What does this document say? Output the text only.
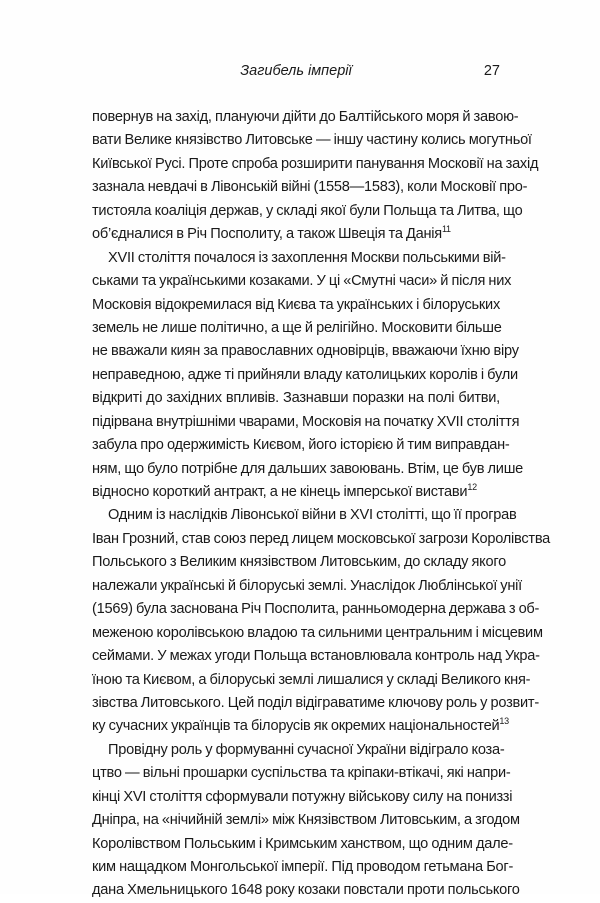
Загибель імперії	27
повернув на захід, плануючи дійти до Балтійського моря й завою-
вати Велике князівство Литовське — іншу частину колись могутньої
Київської Русі. Проте спроба розширити панування Московії на захід
зазнала невдачі в Лівонській війні (1558—1583), коли Московії про-
тистояла коаліція держав, у складі якої були Польща та Литва, що
об’єдналися в Річ Посполиту, а також Швеція та Данія$^{11}$
XVII століття почалося із захоплення Москви польськими вій-
ськами та українськими козаками. У ці «Смутні часи» й після них
Московія відокремилася від Києва та українських і білоруських
земель не лише політично, а ще й релігійно. Московити більше
не вважали киян за православних одновірців, вважаючи їхню віру
неправедною, адже ті прийняли владу католицьких королів і були
відкриті до західних впливів. Зазнавши поразки на полі битви,
підірвана внутрішніми чварами, Московія на початку XVII століття
забула про одержимість Києвом, його історією й тим виправдан-
ням, що було потрібне для дальших завоювань. Втім, це був лише
відносно короткий антракт, а не кінець імперської вистави$^{12}$
Одним із наслідків Лівонської війни в XVI столітті, що її програв
Іван Грозний, став союз перед лицем московської загрози Королівства
Польського з Великим князівством Литовським, до складу якого
належали українські й білоруські землі. Унаслідок Люблінської унії
(1569) була заснована Річ Посполита, ранньомодерна держава з об-
меженою королівською владою та сильними центральним і місцевим
сеймами. У межах угоди Польща встановлювала контроль над Укра-
їною та Києвом, а білоруські землі лишалися у складі Великого кня-
зівства Литовського. Цей поділ відіграватиме ключову роль у розвит-
ку сучасних українців та білорусів як окремих національностей$^{13}$
Провідну роль у формуванні сучасної України відіграло коза-
цтво — вільні прошарки суспільства та кріпаки-втікачі, які напри-
кінці XVI століття сформували потужну військову силу на пониззі
Дніпра, на «нічийній землі» між Князівством Литовським, а згодом
Королівством Польським і Кримським ханством, що одним дале-
ким нащадком Монгольської імперії. Під проводом гетьмана Бог-
дана Хмельницького 1648 року козаки повстали проти польського
